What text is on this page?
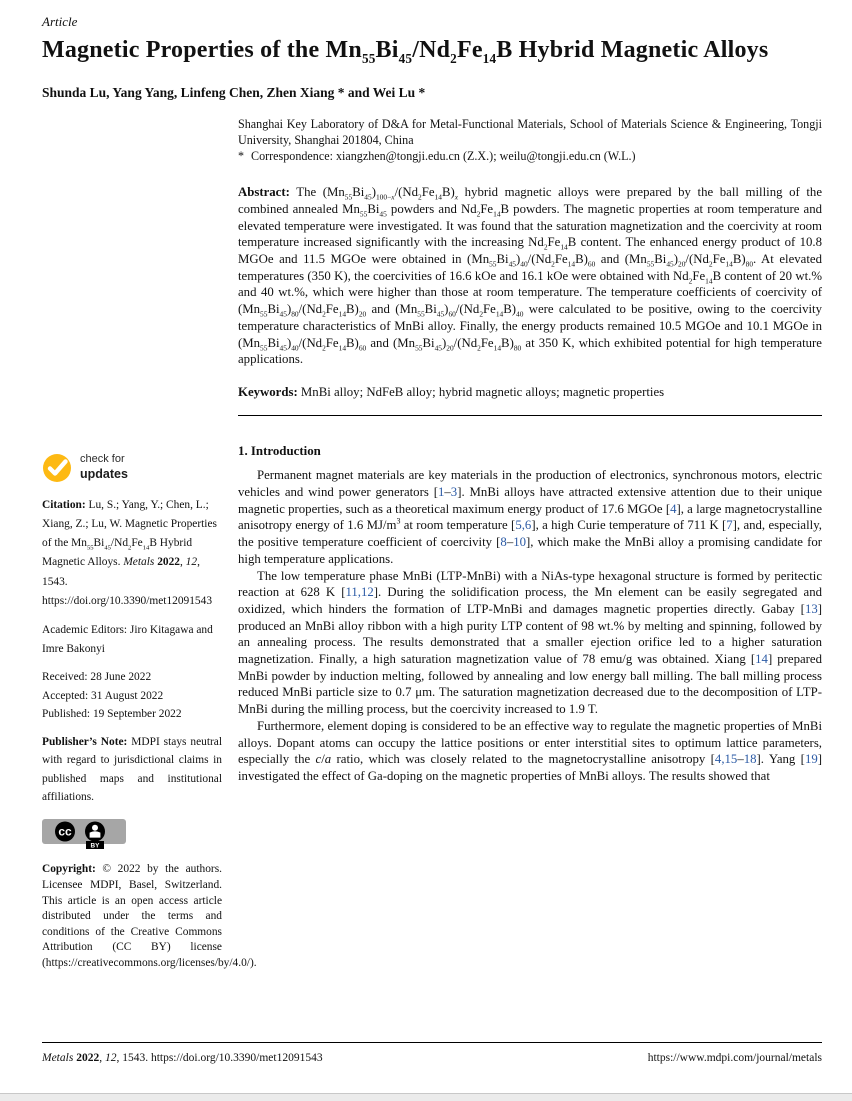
Article
Magnetic Properties of the $Mn_{55}Bi_{45}/Nd_2Fe_{14}B$ Hybrid Magnetic Alloys
Shunda Lu, Yang Yang, Linfeng Chen, Zhen Xiang * and Wei Lu *
check for
updates
Citation: Lu, S.; Yang, Y.; Chen, L.; Xiang, Z.; Lu, W. Magnetic Properties of the $Mn_{55}Bi_{45}/Nd_2Fe_{14}B$ Hybrid Magnetic Alloys. Metals 2022, 12, 1543. https://doi.org/10.3390/met12091543
Academic Editors: Jiro Kitagawa and Imre Bakonyi
Received: 28 June 2022
Accepted: 31 August 2022
Published: 19 September 2022
Publisher’s Note: MDPI stays neutral with regard to jurisdictional claims in published maps and institutional affiliations.
cc
BY
Copyright: © 2022 by the authors. Licensee MDPI, Basel, Switzerland. This article is an open access article distributed under the terms and conditions of the Creative Commons Attribution (CC BY) license (https://creativecommons.org/licenses/by/4.0/).
Shanghai Key Laboratory of D&A for Metal-Functional Materials, School of Materials Science & Engineering, Tongji University, Shanghai 201804, China
* Correspondence: xiangzhen@tongji.edu.cn (Z.X.); weilu@tongji.edu.cn (W.L.)

Abstract: The $(Mn_{55}Bi_{45})_{100-x}/(Nd_2Fe_{14}B)_x$ hybrid magnetic alloys were prepared by the ball milling of the combined annealed $Mn_{55}Bi_{45}$ powders and $Nd_2Fe_{14}B$ powders. The magnetic properties at room temperature and elevated temperature were investigated. It was found that the saturation magnetization and the coercivity at room temperature increased significantly with the increasing $Nd_2Fe_{14}B$ content. The enhanced energy product of 10.8 MGOe and 11.5 MGOe were obtained in $(Mn_{55}Bi_{45})_{40}/(Nd_2Fe_{14}B)_{60}$ and $(Mn_{55}Bi_{45})_{20}/(Nd_2Fe_{14}B)_{80}$. At elevated temperatures (350 K), the coercivities of 16.6 kOe and 16.1 kOe were obtained with $Nd_2Fe_{14}B$ content of 20 wt.% and 40 wt.%, which were higher than those at room temperature. The temperature coefficients of coercivity of $(Mn_{55}Bi_{45})_{80}/(Nd_2Fe_{14}B)_{20}$ and $(Mn_{55}Bi_{45})_{60}/(Nd_2Fe_{14}B)_{40}$ were calculated to be positive, owing to the coercivity temperature characteristics of MnBi alloy. Finally, the energy products remained 10.5 MGOe and 10.1 MGOe in $(Mn_{55}Bi_{45})_{40}/(Nd_2Fe_{14}B)_{60}$ and $(Mn_{55}Bi_{45})_{20}/(Nd_2Fe_{14}B)_{80}$ at 350 K, which exhibited potential for high temperature applications.

Keywords: MnBi alloy; NdFeB alloy; hybrid magnetic alloys; magnetic properties

1. Introduction

Permanent magnet materials are key materials in the production of electronics, synchronous motors, electric vehicles and wind power generators [1–3]. MnBi alloys have attracted extensive attention due to their unique magnetic properties, such as a theoretical maximum energy product of 17.6 MGOe [4], a large magnetocrystalline anisotropy energy of 1.6 $MJ/m^3$ at room temperature [5,6], a high Curie temperature of 711 K [7], and, especially, the positive temperature coefficient of coercivity [8–10], which make the MnBi alloy a promising candidate for high temperature applications.

The low temperature phase MnBi (LTP-MnBi) with a NiAs-type hexagonal structure is formed by peritectic reaction at 628 K [11,12]. During the solidification process, the Mn element can be easily segregated and oxidized, which hinders the formation of LTP-MnBi and damages magnetic properties directly. Gabay [13] produced an MnBi alloy ribbon with a high purity LTP content of 98 wt.% by melting and spinning, followed by an annealing process. The results demonstrated that a smaller ejection orifice led to a higher saturation magnetization. Finally, a high saturation magnetization value of 78 emu/g was obtained. Xiang [14] prepared MnBi powder by induction melting, followed by annealing and low energy ball milling. The ball milling process reduced MnBi particle size to 0.7 μm. The saturation magnetization decreased due to the decomposition of LTP-MnBi during the milling process, but the coercivity increased to 1.9 T.

Furthermore, element doping is considered to be an effective way to regulate the magnetic properties of MnBi alloys. Dopant atoms can occupy the lattice positions or enter interstitial sites to optimum lattice parameters, especially the c/a ratio, which was closely related to the magnetocrystalline anisotropy [4,15–18]. Yang [19] investigated the effect of Ga-doping on the magnetic properties of MnBi alloys. The results showed that

Metals 2022, 12, 1543. https://doi.org/10.3390/met12091543	https://www.mdpi.com/journal/metals
